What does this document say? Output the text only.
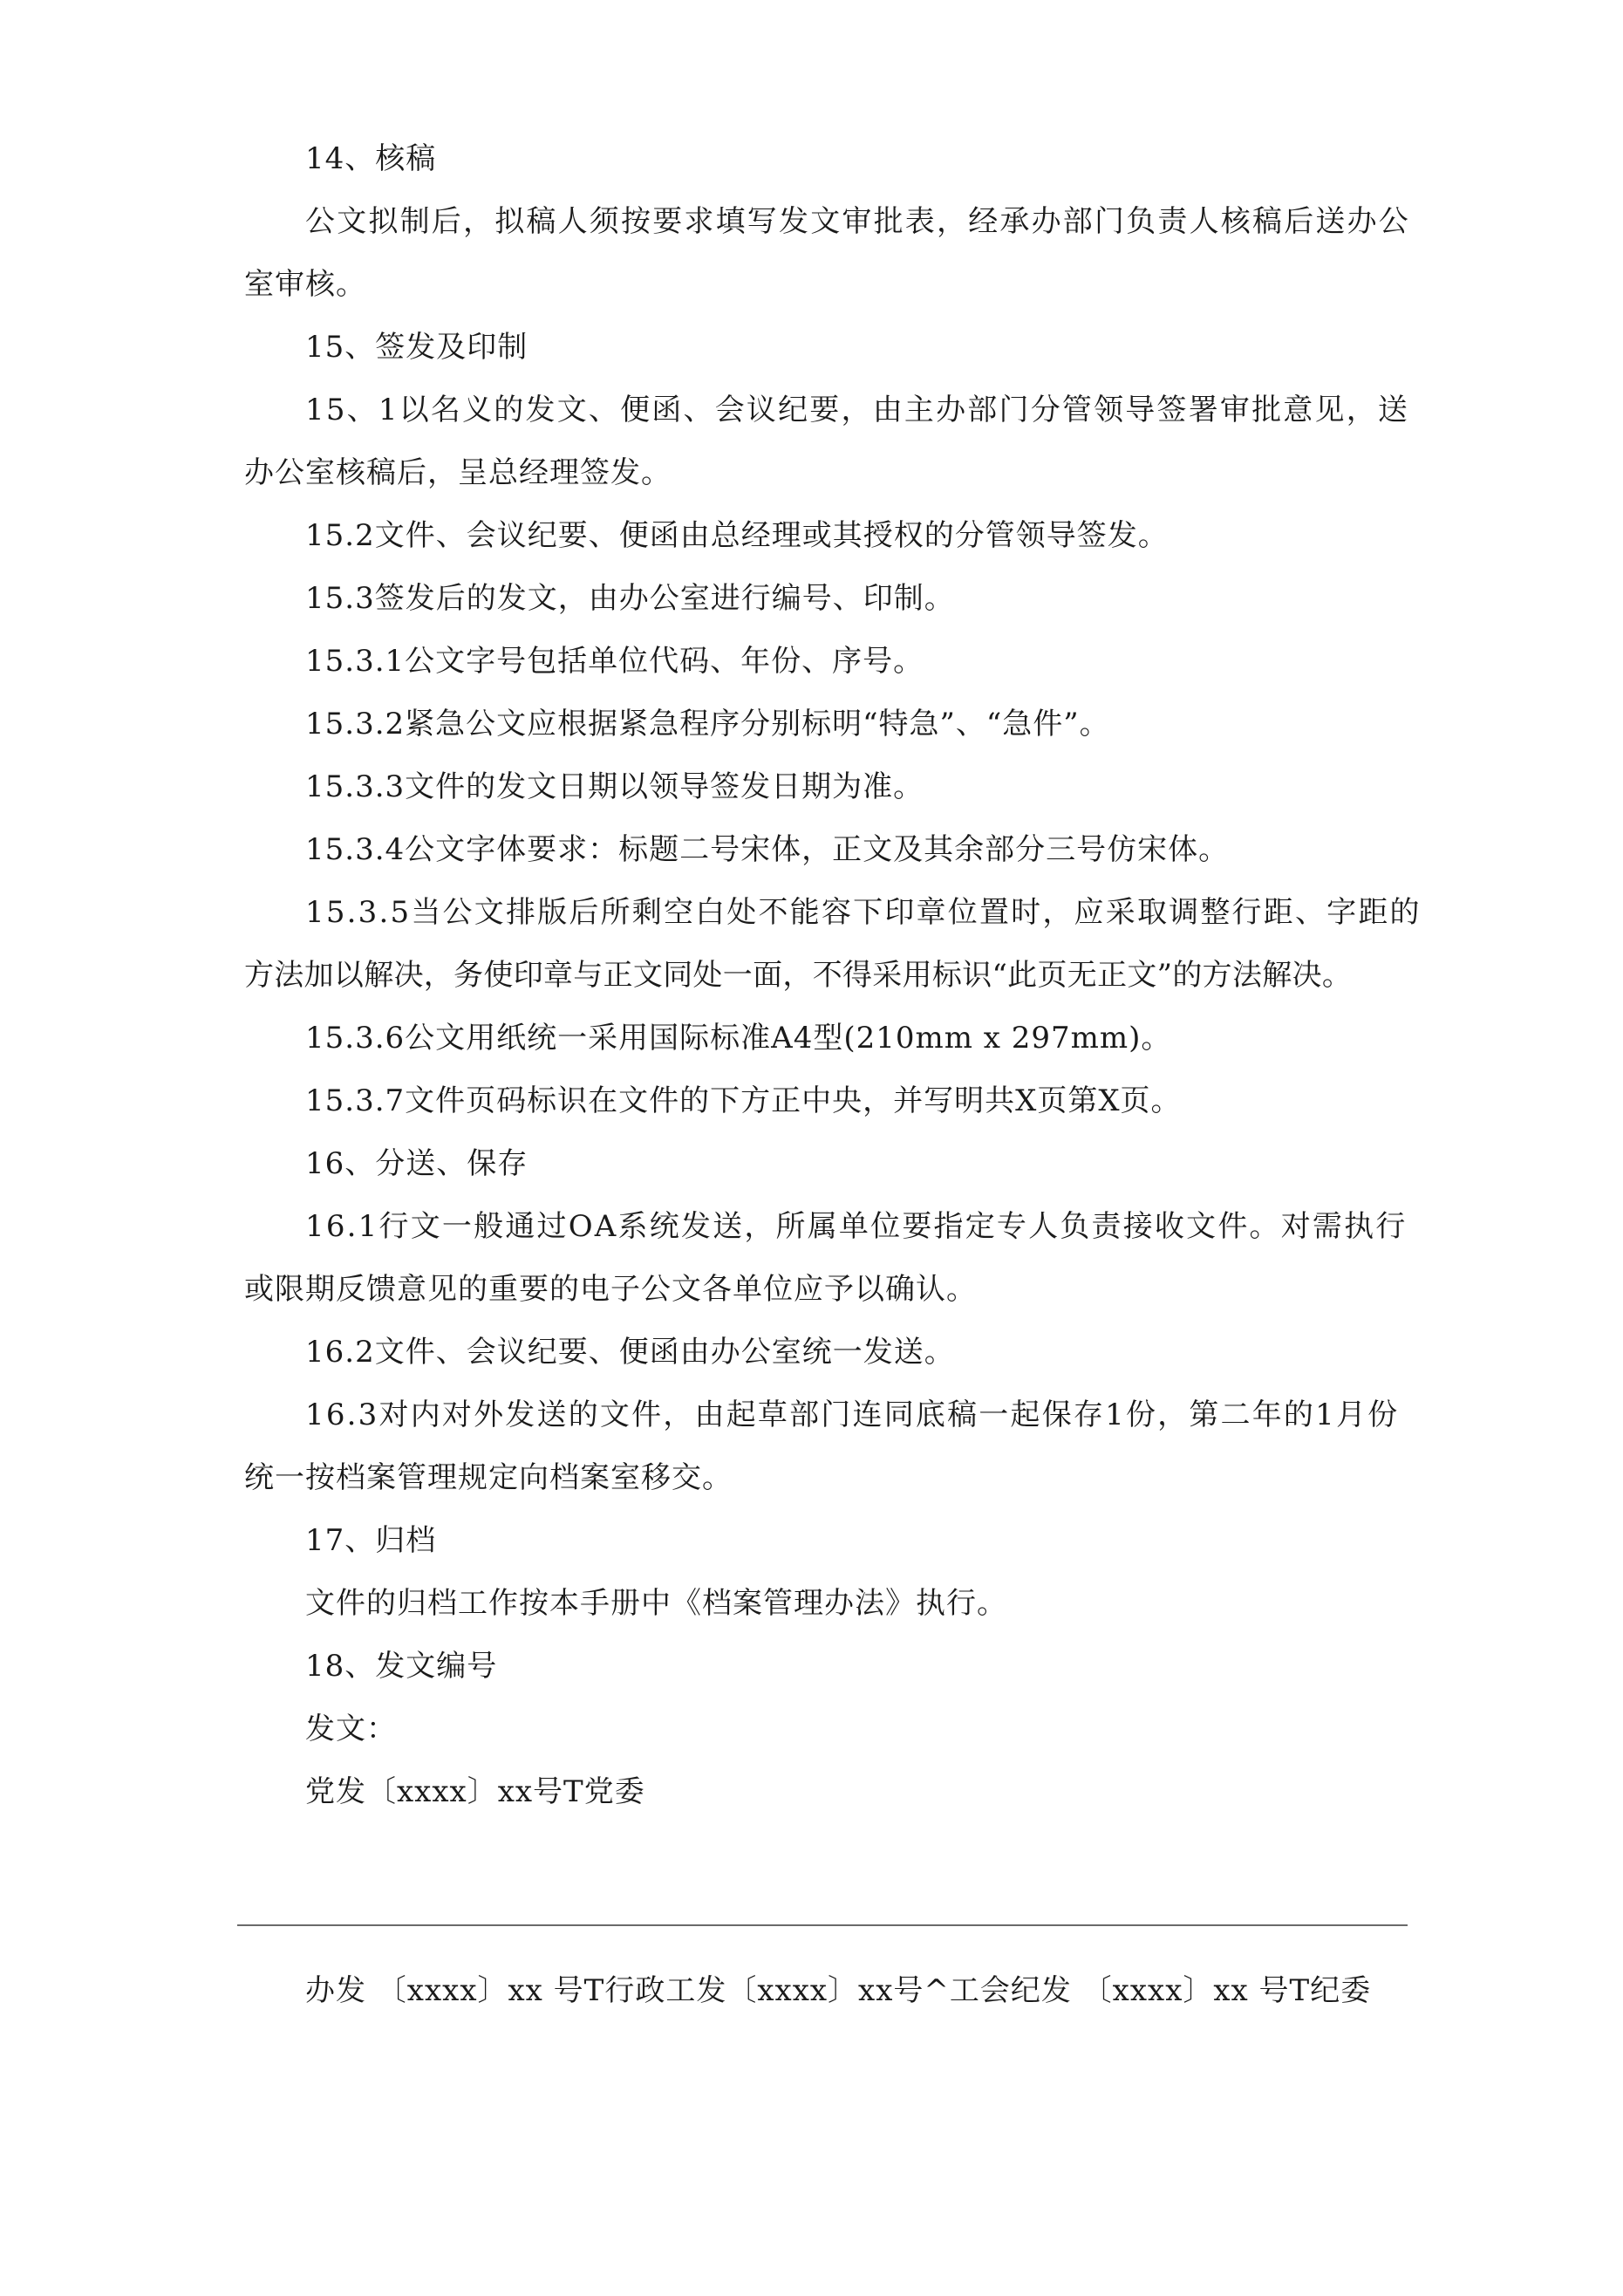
14、核稿
公文拟制后，拟稿人须按要求填写发文审批表，经承办部门负责人核稿后送办公
室审核。
15、签发及印制
15、1以名义的发文、便函、会议纪要，由主办部门分管领导签署审批意见，送
办公室核稿后，呈总经理签发。
15.2文件、会议纪要、便函由总经理或其授权的分管领导签发。
15.3签发后的发文，由办公室进行编号、印制。
15.3.1公文字号包括单位代码、年份、序号。
15.3.2紧急公文应根据紧急程序分别标明“特急”、“急件”。
15.3.3文件的发文日期以领导签发日期为准。
15.3.4公文字体要求：标题二号宋体，正文及其余部分三号仿宋体。
15.3.5当公文排版后所剩空白处不能容下印章位置时，应采取调整行距、字距的
方法加以解决，务使印章与正文同处一面，不得采用标识“此页无正文”的方法解决。
15.3.6公文用纸统一采用国际标准A4型(210mm x 297mm)。
15.3.7文件页码标识在文件的下方正中央，并写明共X页第X页。
16、分送、保存
16.1行文一般通过OA系统发送，所属单位要指定专人负责接收文件。对需执行
或限期反馈意见的重要的电子公文各单位应予以确认。
16.2文件、会议纪要、便函由办公室统一发送。
16.3对内对外发送的文件，由起草部门连同底稿一起保存1份，第二年的1月份
统一按档案管理规定向档案室移交。
17、归档
文件的归档工作按本手册中《档案管理办法》执行。
18、发文编号
发文：
党发〔xxxx〕xx号T党委
办发 〔xxxx〕xx 号T行政工发〔xxxx〕xx号^工会纪发 〔xxxx〕xx 号T纪委
